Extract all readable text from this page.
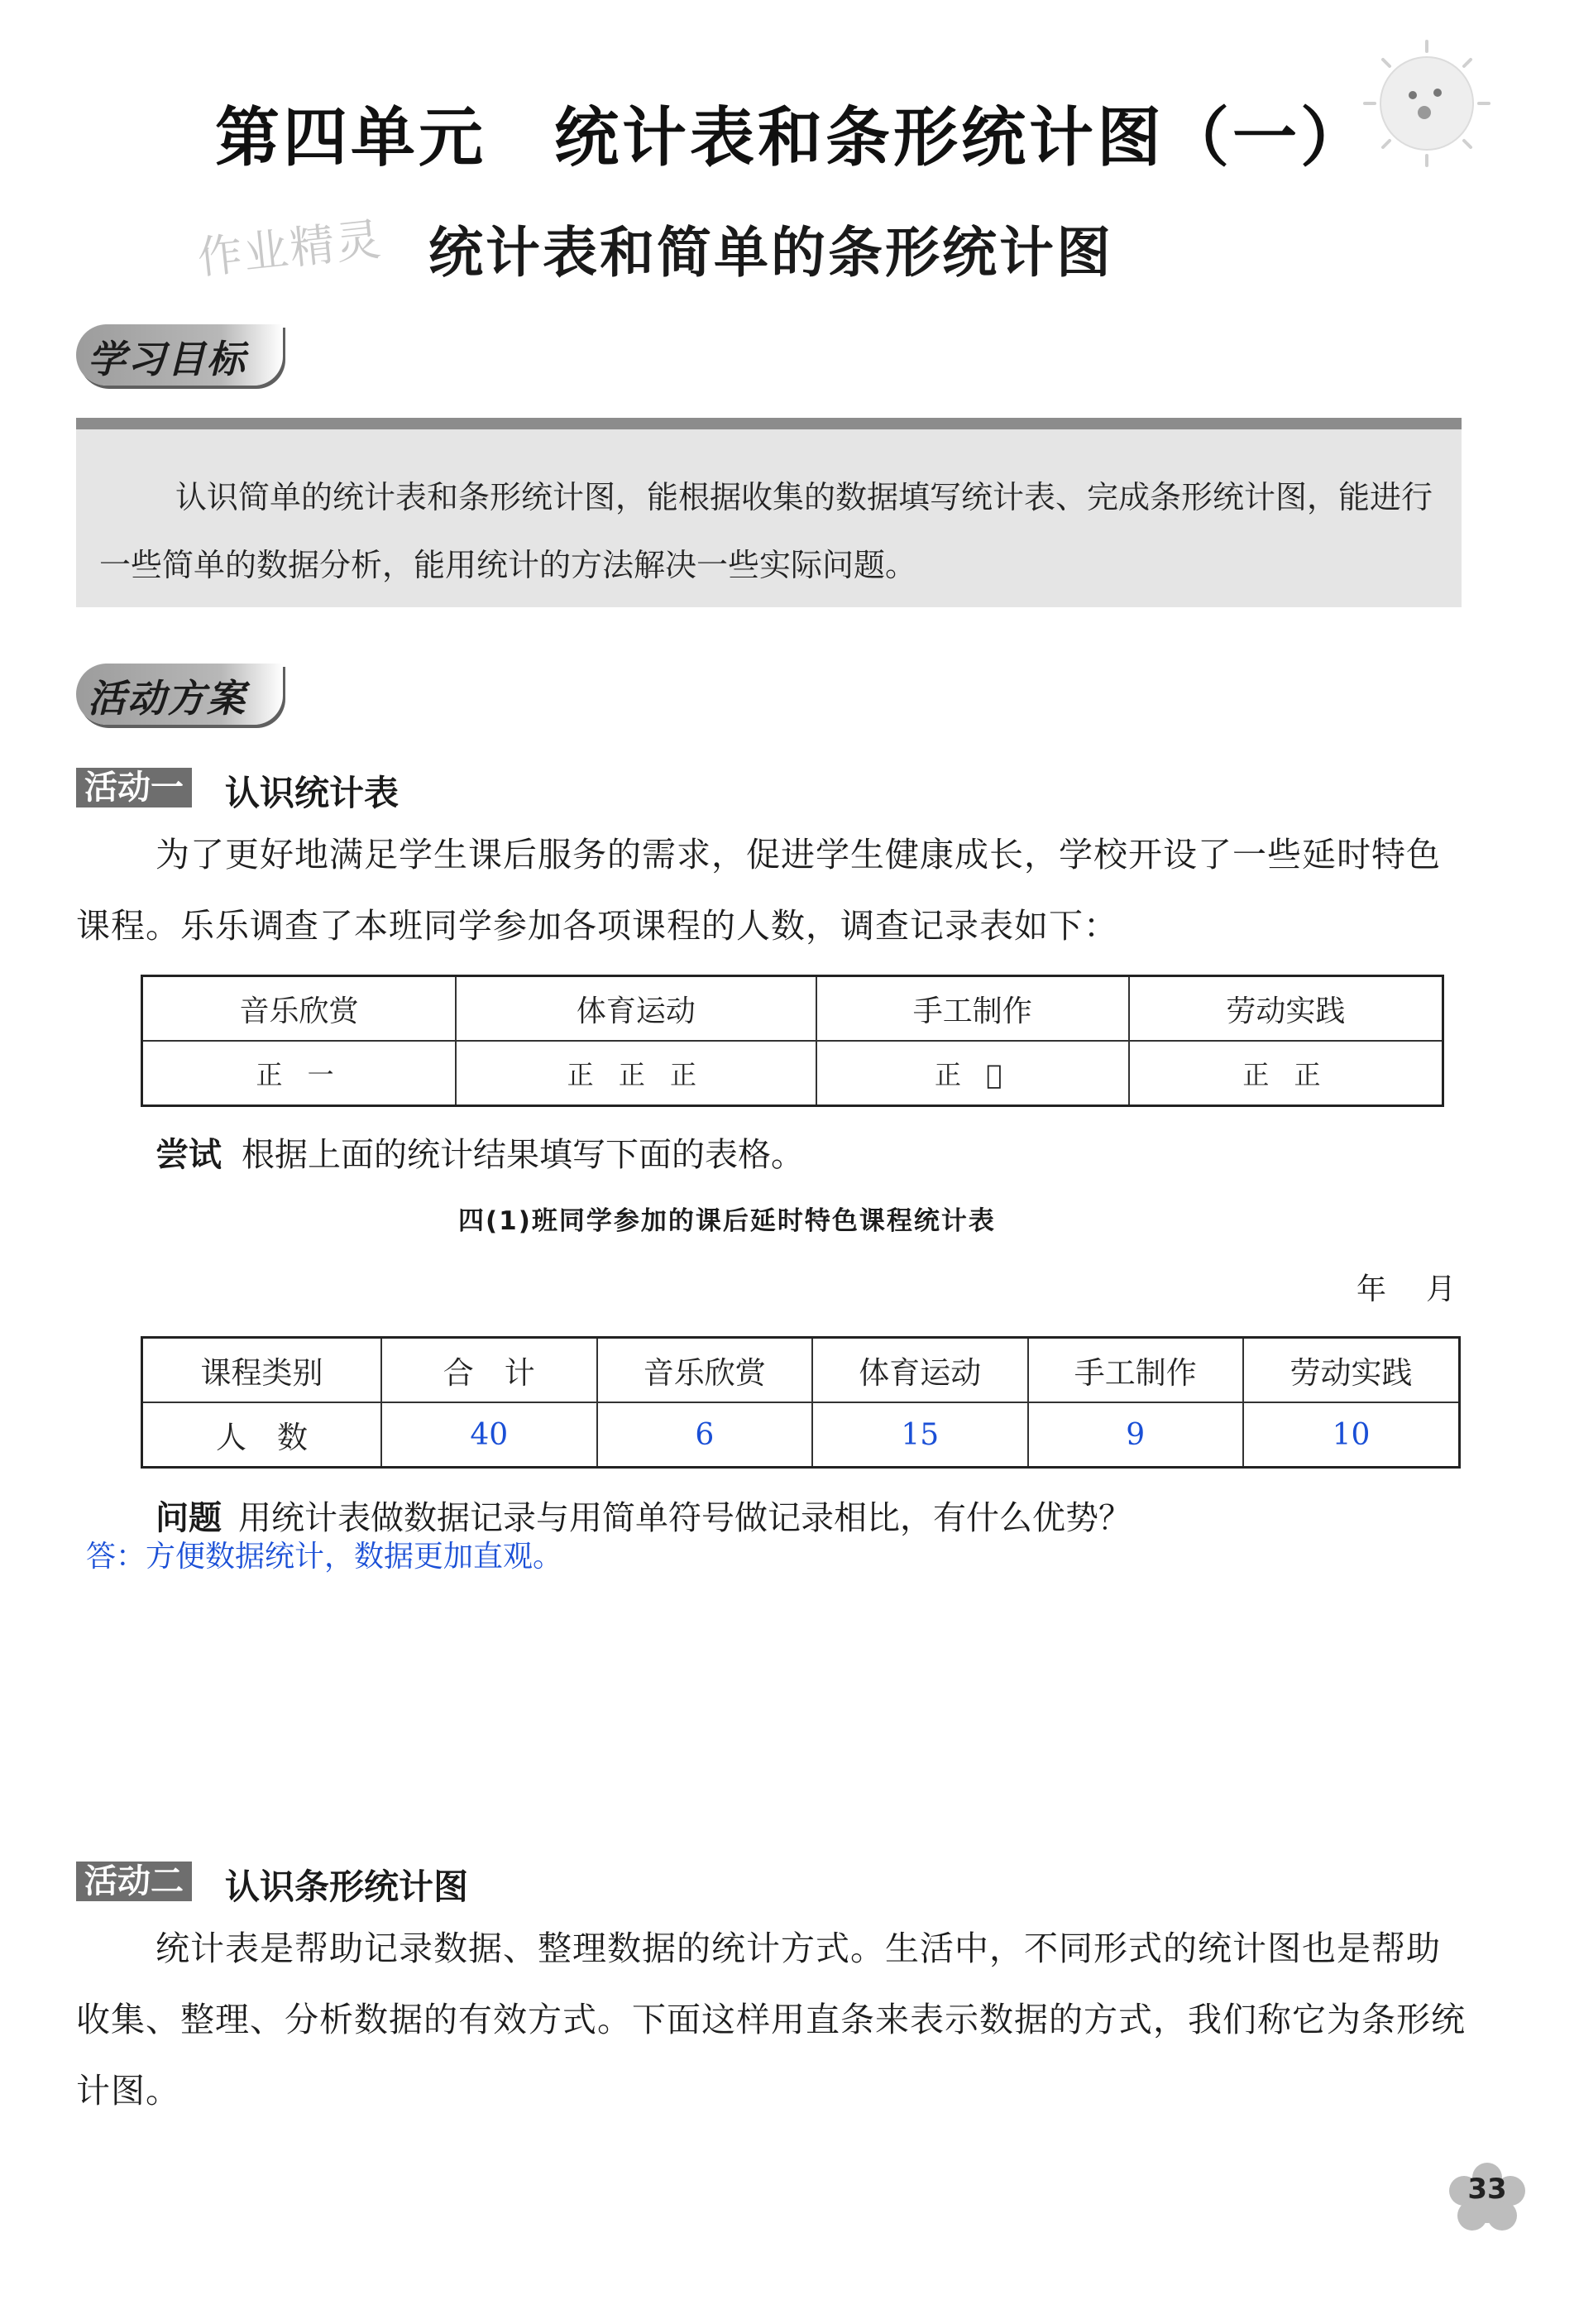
第四单元　统计表和条形统计图（一）
作业精灵 统计表和简单的条形统计图
学习目标
认识简单的统计表和条形统计图，能根据收集的数据填写统计表、完成条形统计图，能进行一些简单的数据分析，能用统计的方法解决一些实际问题。
活动方案
活动一 认识统计表
为了更好地满足学生课后服务的需求，促进学生健康成长，学校开设了一些延时特色课程。乐乐调查了本班同学参加各项课程的人数，调查记录表如下：
音乐欣赏	体育运动	手工制作	劳动实践
正 一	正 正 正	正 𠄠	正 正
尝试 根据上面的统计结果填写下面的表格。
四(1)班同学参加的课后延时特色课程统计表
年 月
课程类别	合　计	音乐欣赏	体育运动	手工制作	劳动实践
人　数	40	6	15	9	10
问题 用统计表做数据记录与用简单符号做记录相比，有什么优势？
答：方便数据统计，数据更加直观。
活动二 认识条形统计图
统计表是帮助记录数据、整理数据的统计方式。生活中，不同形式的统计图也是帮助收集、整理、分析数据的有效方式。下面这样用直条来表示数据的方式，我们称它为条形统计图。
33
